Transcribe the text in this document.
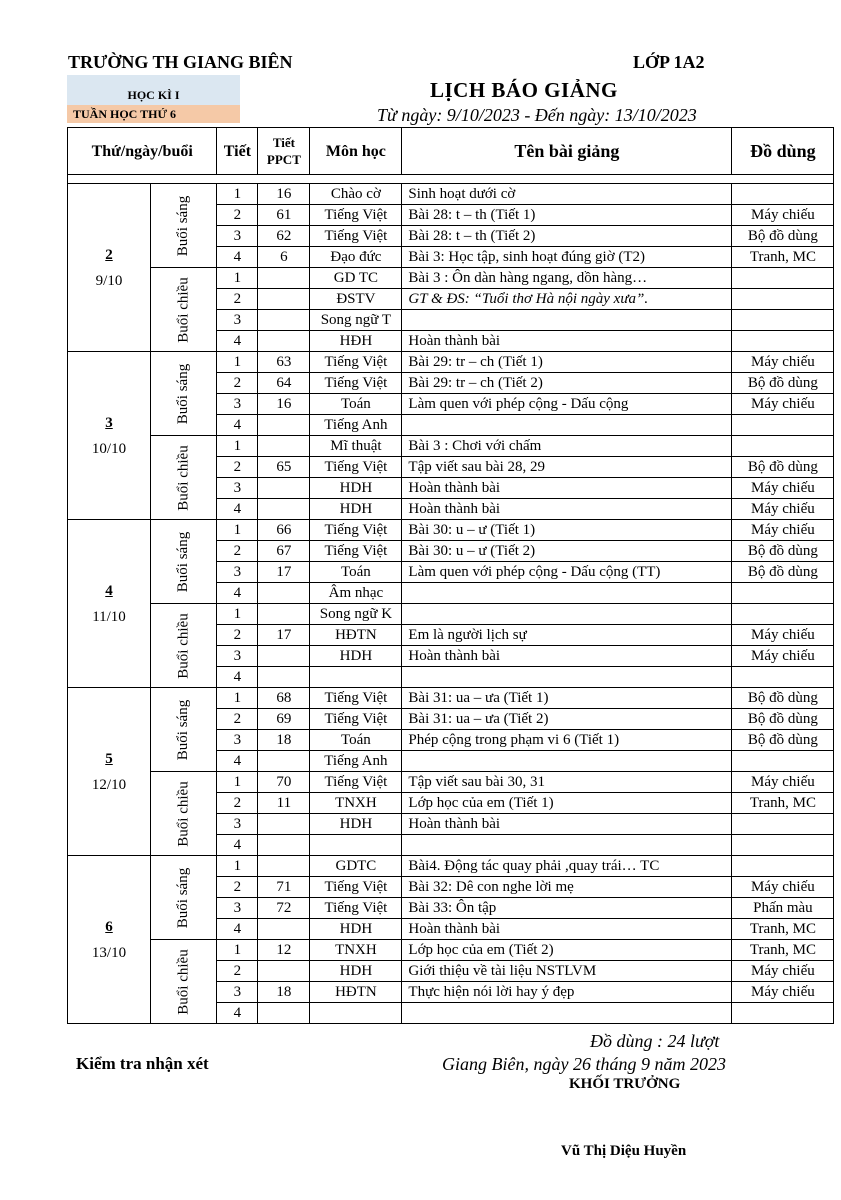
TRƯỜNG TH GIANG BIÊN	LỚP 1A2
HỌC KÌ I
TUẦN HỌC THỨ 6
LỊCH BÁO GIẢNG
Từ ngày: 9/10/2023 - Đến ngày: 13/10/2023
Thứ/ngày/buổi		Tiết	Tiết PPCT	Môn học	Tên bài giảng	Đồ dùng

2
9/10	Buổi sáng	1	16	Chào cờ	Sinh hoạt dưới cờ	
		2	61	Tiếng Việt	Bài 28: t – th (Tiết 1)	Máy chiếu
		3	62	Tiếng Việt	Bài 28: t – th (Tiết 2)	Bộ đồ dùng
		4	6	Đạo đức	Bài 3: Học tập, sinh hoạt đúng giờ (T2)	Tranh, MC
	Buổi chiều	1		GD TC	Bài 3 : Ôn dàn hàng ngang, dồn hàng…	
		2		ĐSTV	GT & ĐS: “Tuổi thơ Hà nội ngày xưa”.	
		3		Song ngữ T		
		4		HĐH	Hoàn thành bài	

3
10/10	Buổi sáng	1	63	Tiếng Việt	Bài 29: tr – ch (Tiết 1)	Máy chiếu
		2	64	Tiếng Việt	Bài 29: tr – ch (Tiết 2)	Bộ đồ dùng
		3	16	Toán	Làm quen với phép cộng - Dấu cộng	Máy chiếu
		4		Tiếng Anh		
	Buổi chiều	1		Mĩ thuật	Bài 3 : Chơi với chấm	
		2	65	Tiếng Việt	Tập viết sau bài 28, 29	Bộ đồ dùng
		3		HDH	Hoàn thành bài	Máy chiếu
		4		HDH	Hoàn thành bài	Máy chiếu

4
11/10	Buổi sáng	1	66	Tiếng Việt	Bài 30: u – ư (Tiết 1)	Máy chiếu
		2	67	Tiếng Việt	Bài 30: u – ư (Tiết 2)	Bộ đồ dùng
		3	17	Toán	Làm quen với phép cộng - Dấu cộng (TT)	Bộ đồ dùng
		4		Âm nhạc		
	Buổi chiều	1		Song ngữ K		
		2	17	HĐTN	Em là người lịch sự	Máy chiếu
		3		HDH	Hoàn thành bài	Máy chiếu
		4				

5
12/10	Buổi sáng	1	68	Tiếng Việt	Bài 31: ua – ưa (Tiết 1)	Bộ đồ dùng
		2	69	Tiếng Việt	Bài 31: ua – ưa (Tiết 2)	Bộ đồ dùng
		3	18	Toán	Phép cộng trong phạm vi 6 (Tiết 1)	Bộ đồ dùng
		4		Tiếng Anh		
	Buổi chiều	1	70	Tiếng Việt	Tập viết sau bài 30, 31	Máy chiếu
		2	11	TNXH	Lớp học của em (Tiết 1)	Tranh, MC
		3		HDH	Hoàn thành bài	
		4				

6
13/10	Buổi sáng	1		GDTC	Bài4. Động tác quay phải ,quay trái… TC	
		2	71	Tiếng Việt	Bài 32: Dê con nghe lời mẹ	Máy chiếu
		3	72	Tiếng Việt	Bài 33: Ôn tập	Phấn màu
		4		HDH	Hoàn thành bài	Tranh, MC
	Buổi chiều	1	12	TNXH	Lớp học của em (Tiết 2)	Tranh, MC
		2		HDH	Giới thiệu về tài liệu NSTLVM	Máy chiếu
		3	18	HĐTN	Thực hiện nói lời hay ý đẹp	Máy chiếu
		4				
Đồ dùng : 24 lượt
Kiểm tra nhận xét	Giang Biên, ngày 26 tháng 9 năm 2023
KHỐI TRƯỞNG
Vũ Thị Diệu Huyền
